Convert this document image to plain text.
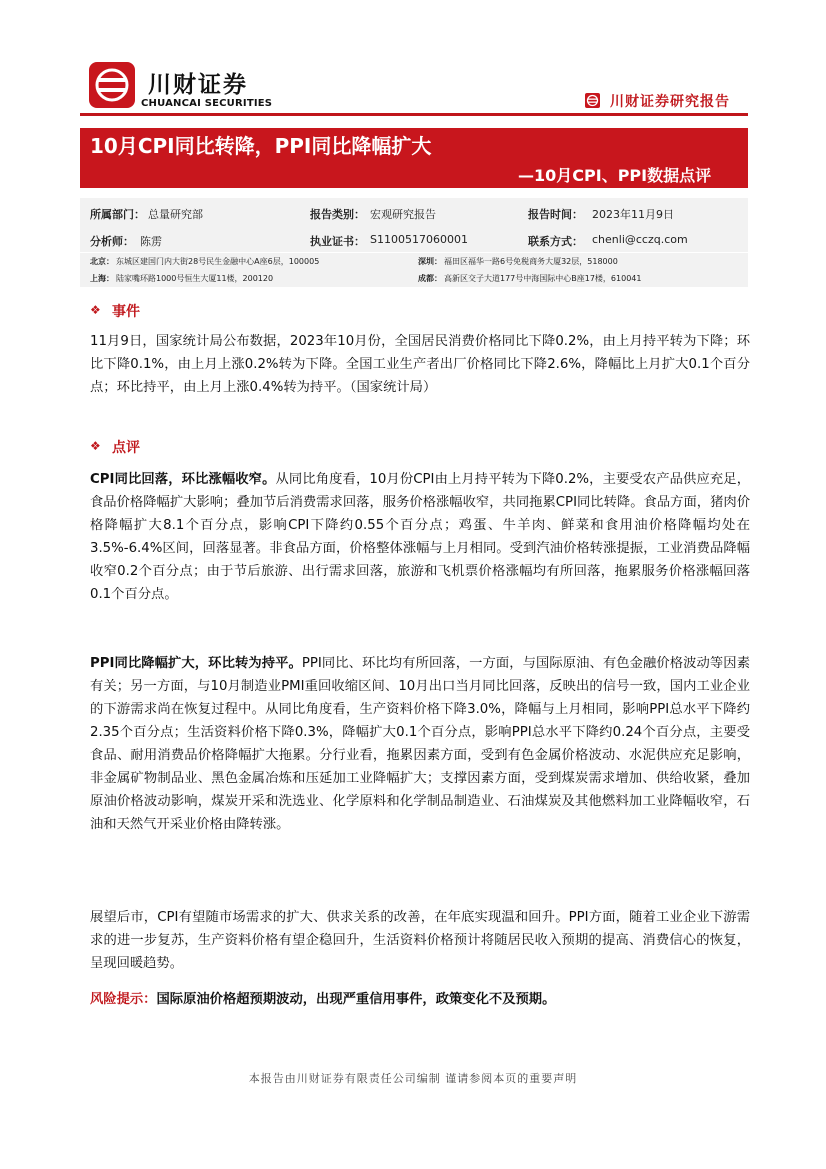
川财证券
CHUANCAI SECURITIES	川财证券研究报告
10月CPI同比转降，PPI同比降幅扩大
—10月CPI、PPI数据点评
所属部门： 总量研究部	报告类别： 宏观研究报告	报告时间： 2023年11月9日
分析师： 陈雳	执业证书： S1100517060001	联系方式： chenli@cczq.com
北京： 东城区建国门内大街28号民生金融中心A座6层，100005	深圳： 福田区福华一路6号免税商务大厦32层，518000
上海： 陆家嘴环路1000号恒生大厦11楼，200120	成都： 高新区交子大道177号中海国际中心B座17楼，610041
❖ 事件

11月9日，国家统计局公布数据，2023年10月份，全国居民消费价格同比下降0.2%，由上月持平转为下降；环比下降0.1%，由上月上涨0.2%转为下降。全国工业生产者出厂价格同比下降2.6%，降幅比上月扩大0.1个百分点；环比持平，由上月上涨0.4%转为持平。（国家统计局）

❖ 点评

CPI同比回落，环比涨幅收窄。从同比角度看，10月份CPI由上月持平转为下降0.2%，主要受农产品供应充足，食品价格降幅扩大影响；叠加节后消费需求回落，服务价格涨幅收窄，共同拖累CPI同比转降。食品方面，猪肉价格降幅扩大8.1个百分点，影响CPI下降约0.55个百分点；鸡蛋、牛羊肉、鲜菜和食用油价格降幅均处在3.5%-6.4%区间，回落显著。非食品方面，价格整体涨幅与上月相同。受到汽油价格转涨提振，工业消费品降幅收窄0.2个百分点；由于节后旅游、出行需求回落，旅游和飞机票价格涨幅均有所回落，拖累服务价格涨幅回落0.1个百分点。

PPI同比降幅扩大，环比转为持平。PPI同比、环比均有所回落，一方面，与国际原油、有色金融价格波动等因素有关；另一方面，与10月制造业PMI重回收缩区间、10月出口当月同比回落，反映出的信号一致，国内工业企业的下游需求尚在恢复过程中。从同比角度看，生产资料价格下降3.0%，降幅与上月相同，影响PPI总水平下降约2.35个百分点；生活资料价格下降0.3%，降幅扩大0.1个百分点，影响PPI总水平下降约0.24个百分点，主要受食品、耐用消费品价格降幅扩大拖累。分行业看，拖累因素方面，受到有色金属价格波动、水泥供应充足影响，非金属矿物制品业、黑色金属冶炼和压延加工业降幅扩大；支撑因素方面，受到煤炭需求增加、供给收紧，叠加原油价格波动影响，煤炭开采和洗选业、化学原料和化学制品制造业、石油煤炭及其他燃料加工业降幅收窄，石油和天然气开采业价格由降转涨。

展望后市，CPI有望随市场需求的扩大、供求关系的改善，在年底实现温和回升。PPI方面，随着工业企业下游需求的进一步复苏，生产资料价格有望企稳回升，生活资料价格预计将随居民收入预期的提高、消费信心的恢复，呈现回暖趋势。

风险提示：国际原油价格超预期波动，出现严重信用事件，政策变化不及预期。

本报告由川财证券有限责任公司编制 谨请参阅本页的重要声明
